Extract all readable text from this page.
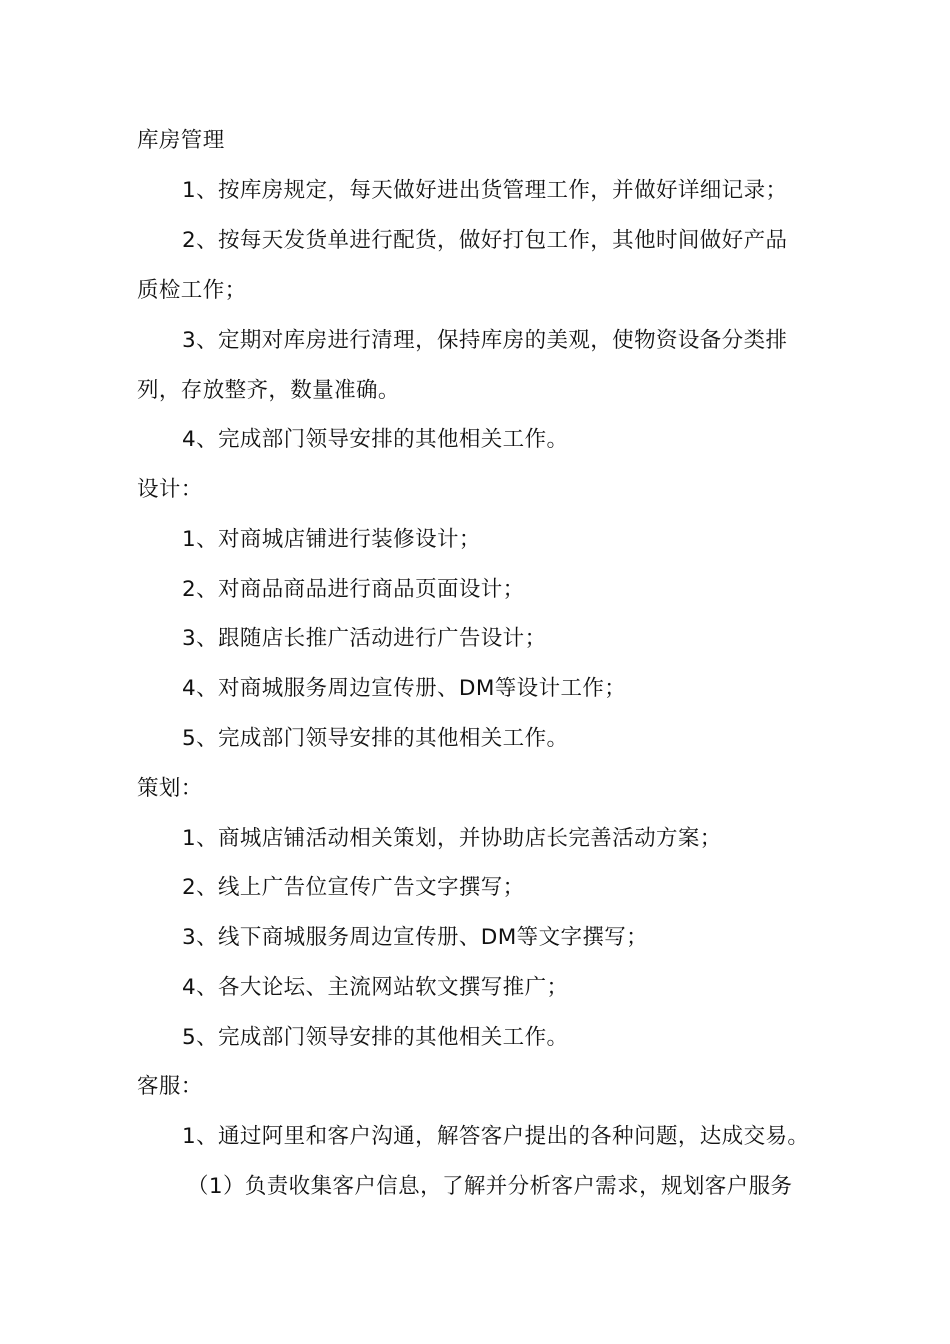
库房管理
1、按库房规定，每天做好进出货管理工作，并做好详细记录；
2、按每天发货单进行配货，做好打包工作，其他时间做好产品
质检工作；
3、定期对库房进行清理，保持库房的美观，使物资设备分类排
列，存放整齐，数量准确。
4、完成部门领导安排的其他相关工作。
设计：
1、对商城店铺进行装修设计；
2、对商品商品进行商品页面设计；
3、跟随店长推广活动进行广告设计；
4、对商城服务周边宣传册、DM等设计工作；
5、完成部门领导安排的其他相关工作。
策划：
1、商城店铺活动相关策划，并协助店长完善活动方案；
2、线上广告位宣传广告文字撰写；
3、线下商城服务周边宣传册、DM等文字撰写；
4、各大论坛、主流网站软文撰写推广；
5、完成部门领导安排的其他相关工作。
客服：
1、通过阿里和客户沟通，解答客户提出的各种问题，达成交易。
（1）负责收集客户信息，了解并分析客户需求，规划客户服务
